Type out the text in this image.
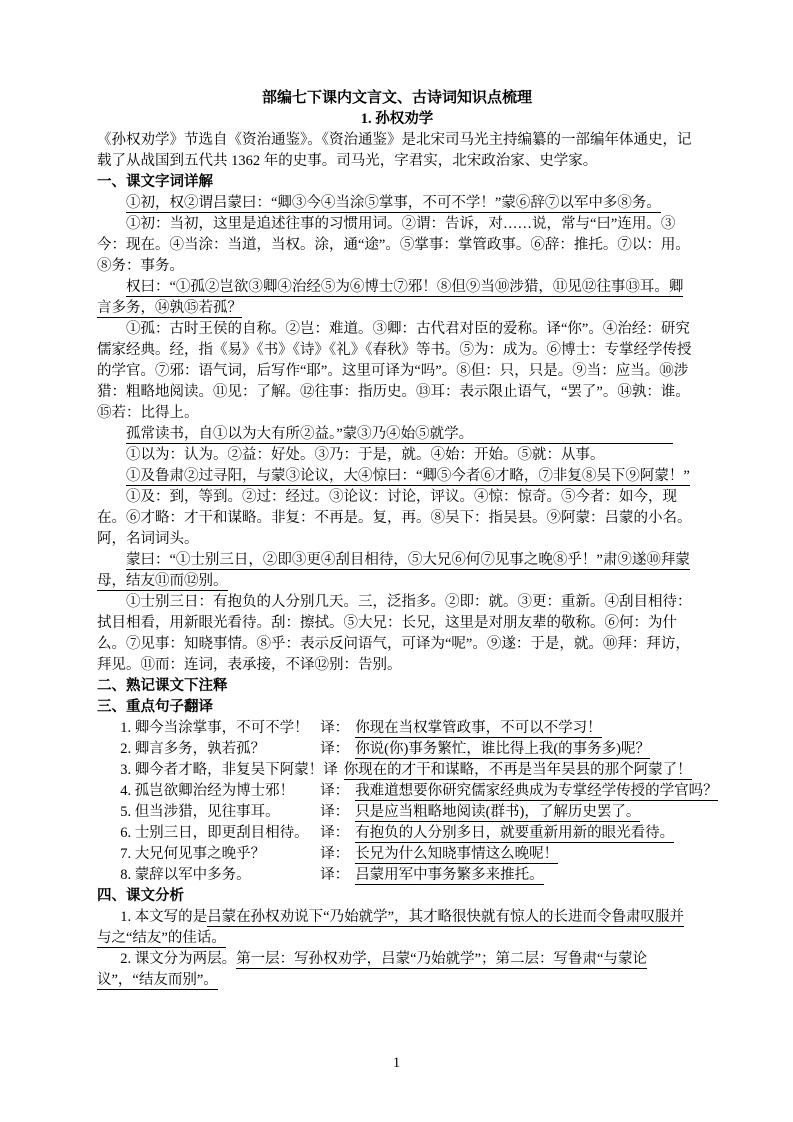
部编七下课内文言文、古诗词知识点梳理
1. 孙权劝学

《孙权劝学》节选自《资治通鉴》。《资治通鉴》是北宋司马光主持编纂的一部编年体通史，记载了从战国到五代共 1362 年的史事。司马光，字君实，北宋政治家、史学家。

一、课文字词详解

①初，权②谓吕蒙曰：“卿③今④当涂⑤掌事，不可不学！”蒙⑥辞⑦以军中多⑧务。

①初：当初，这里是追述往事的习惯用词。②谓：告诉，对……说，常与“曰”连用。③今：现在。④当涂：当道，当权。涂，通“途”。⑤掌事：掌管政事。⑥辞：推托。⑦以：用。⑧务：事务。

权曰：“①孤②岂欲③卿④治经⑤为⑥博士⑦邪！⑧但⑨当⑩涉猎，⑪见⑫往事⑬耳。卿言多务，⑭孰⑮若孤？

①孤：古时王侯的自称。②岂：难道。③卿：古代君对臣的爱称。译“你”。④治经：研究儒家经典。经，指《易》《书》《诗》《礼》《春秋》等书。⑤为：成为。⑥博士：专掌经学传授的学官。⑦邪：语气词，后写作“耶”。这里可译为“吗”。⑧但：只，只是。⑨当：应当。⑩涉猎：粗略地阅读。⑪见：了解。⑫往事：指历史。⑬耳：表示限止语气，“罢了”。⑭孰：谁。⑮若：比得上。

孤常读书，自①以为大有所②益。”蒙③乃④始⑤就学。

①以为：认为。②益：好处。③乃：于是，就。④始：开始。⑤就：从事。

①及鲁肃②过寻阳，与蒙③论议，大④惊曰：“卿⑤今者⑥才略，⑦非复⑧吴下⑨阿蒙！”

①及：到，等到。②过：经过。③论议：讨论，评议。④惊：惊奇。⑤今者：如今，现在。⑥才略：才干和谋略。非复：不再是。复，再。⑧吴下：指吴县。⑨阿蒙：吕蒙的小名。阿，名词词头。

蒙曰：“①士别三日，②即③更④刮目相待，⑤大兄⑥何⑦见事之晚⑧乎！”肃⑨遂⑩拜蒙母，结友⑪而⑫别。

①士别三日：有抱负的人分别几天。三，泛指多。②即：就。③更：重新。④刮目相待：拭目相看，用新眼光看待。刮：擦拭。⑤大兄：长兄，这里是对朋友辈的敬称。⑥何：为什么。⑦见事：知晓事情。⑧乎：表示反问语气，可译为“呢”。⑨遂：于是，就。⑩拜：拜访，拜见。⑪而：连词，表承接，不译⑫别：告别。

二、熟记课文下注释
三、重点句子翻译

1. 卿今当涂掌事，不可不学！ 译： 你现在当权掌管政事，不可以不学习！

2. 卿言多务，孰若孤？	译： 你说(你)事务繁忙，谁比得上我(的事务多)呢？

3. 卿今者才略，非复吴下阿蒙！译 你现在的才干和谋略，不再是当年吴县的那个阿蒙了！

4. 孤岂欲卿治经为博士邪！ 译： 我难道想要你研究儒家经典成为专掌经学传授的学官吗？

5. 但当涉猎，见往事耳。	译： 只是应当粗略地阅读(群书)，了解历史罢了。

6. 士别三日，即更刮目相待。 译： 有抱负的人分别多日，就要重新用新的眼光看待。

7. 大兄何见事之晚乎？	译： 长兄为什么知晓事情这么晚呢！

8. 蒙辞以军中多务。	译： 吕蒙用军中事务繁多来推托。

四、课文分析

1. 本文写的是吕蒙在孙权劝说下“乃始就学”，其才略很快就有惊人的长进而令鲁肃叹服并与之“结友”的佳话。

2. 课文分为两层。第一层：写孙权劝学，吕蒙“乃始就学”；第二层：写鲁肃“与蒙论议”，“结友而别”。

1
